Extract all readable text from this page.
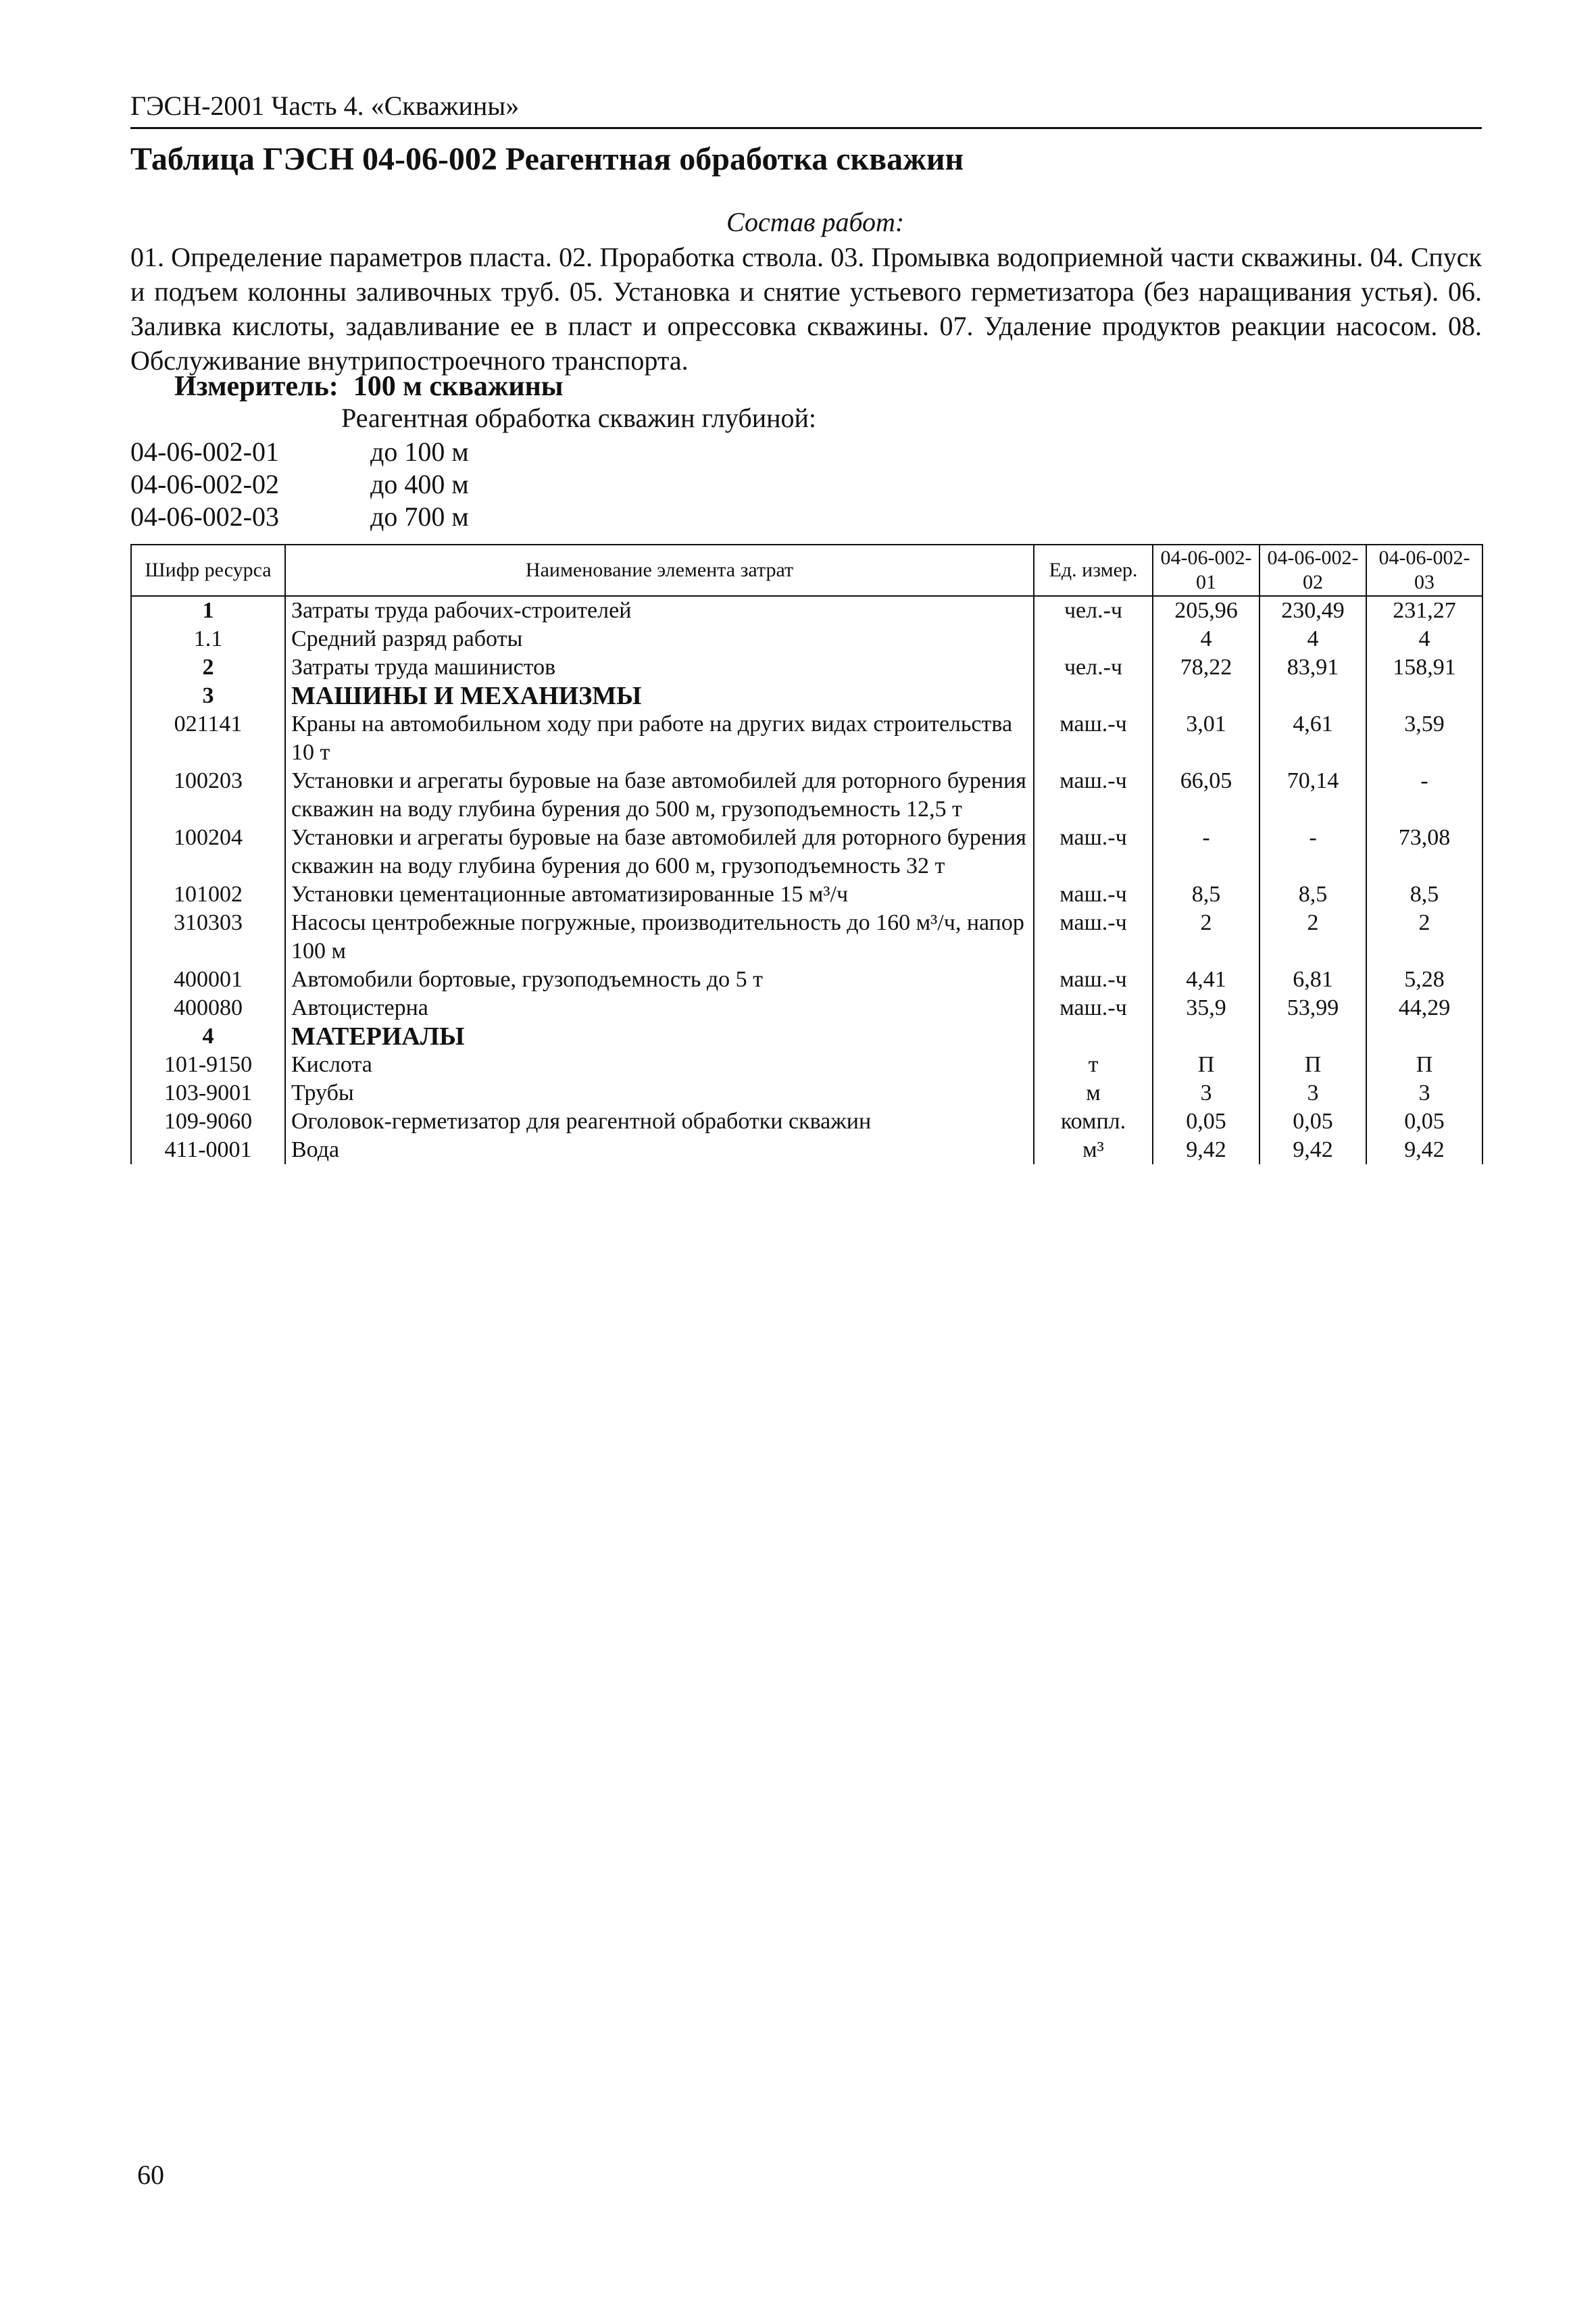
ГЭСН-2001 Часть 4. «Скважины»
Таблица ГЭСН 04-06-002 Реагентная обработка скважин
Состав работ:
01. Определение параметров пласта. 02. Проработка ствола. 03. Промывка водоприемной части скважины. 04. Спуск и подъем колонны заливочных труб. 05. Установка и снятие устьевого герметизатора (без наращивания устья). 06. Заливка кислоты, задавливание ее в пласт и опрессовка скважины. 07. Удаление продуктов реакции насосом. 08. Обслуживание внутрипостроечного транспорта.
Измеритель: 100 м скважины
Реагентная обработка скважин глубиной:
04-06-002-01	до 100 м
04-06-002-02	до 400 м
04-06-002-03	до 700 м
Шифр ресурса	Наименование элемента затрат	Ед. измер.	04-06-002-01	04-06-002-02	04-06-002-03
1	Затраты труда рабочих-строителей	чел.-ч	205,96	230,49	231,27
1.1	Средний разряд работы		4	4	4
2	Затраты труда машинистов	чел.-ч	78,22	83,91	158,91
3	МАШИНЫ И МЕХАНИЗМЫ				
021141	Краны на автомобильном ходу при работе на других видах строительства 10 т	маш.-ч	3,01	4,61	3,59
100203	Установки и агрегаты буровые на базе автомобилей для роторного бурения скважин на воду глубина бурения до 500 м, грузоподъемность 12,5 т	маш.-ч	66,05	70,14	-
100204	Установки и агрегаты буровые на базе автомобилей для роторного бурения скважин на воду глубина бурения до 600 м, грузоподъемность 32 т	маш.-ч	-	-	73,08
101002	Установки цементационные автоматизированные 15 м³/ч	маш.-ч	8,5	8,5	8,5
310303	Насосы центробежные погружные, производительность до 160 м³/ч, напор 100 м	маш.-ч	2	2	2
400001	Автомобили бортовые, грузоподъемность до 5 т	маш.-ч	4,41	6,81	5,28
400080	Автоцистерна	маш.-ч	35,9	53,99	44,29
4	МАТЕРИАЛЫ				
101-9150	Кислота	т	П	П	П
103-9001	Трубы	м	3	3	3
109-9060	Оголовок-герметизатор для реагентной обработки скважин	компл.	0,05	0,05	0,05
411-0001	Вода	м³	9,42	9,42	9,42
60
